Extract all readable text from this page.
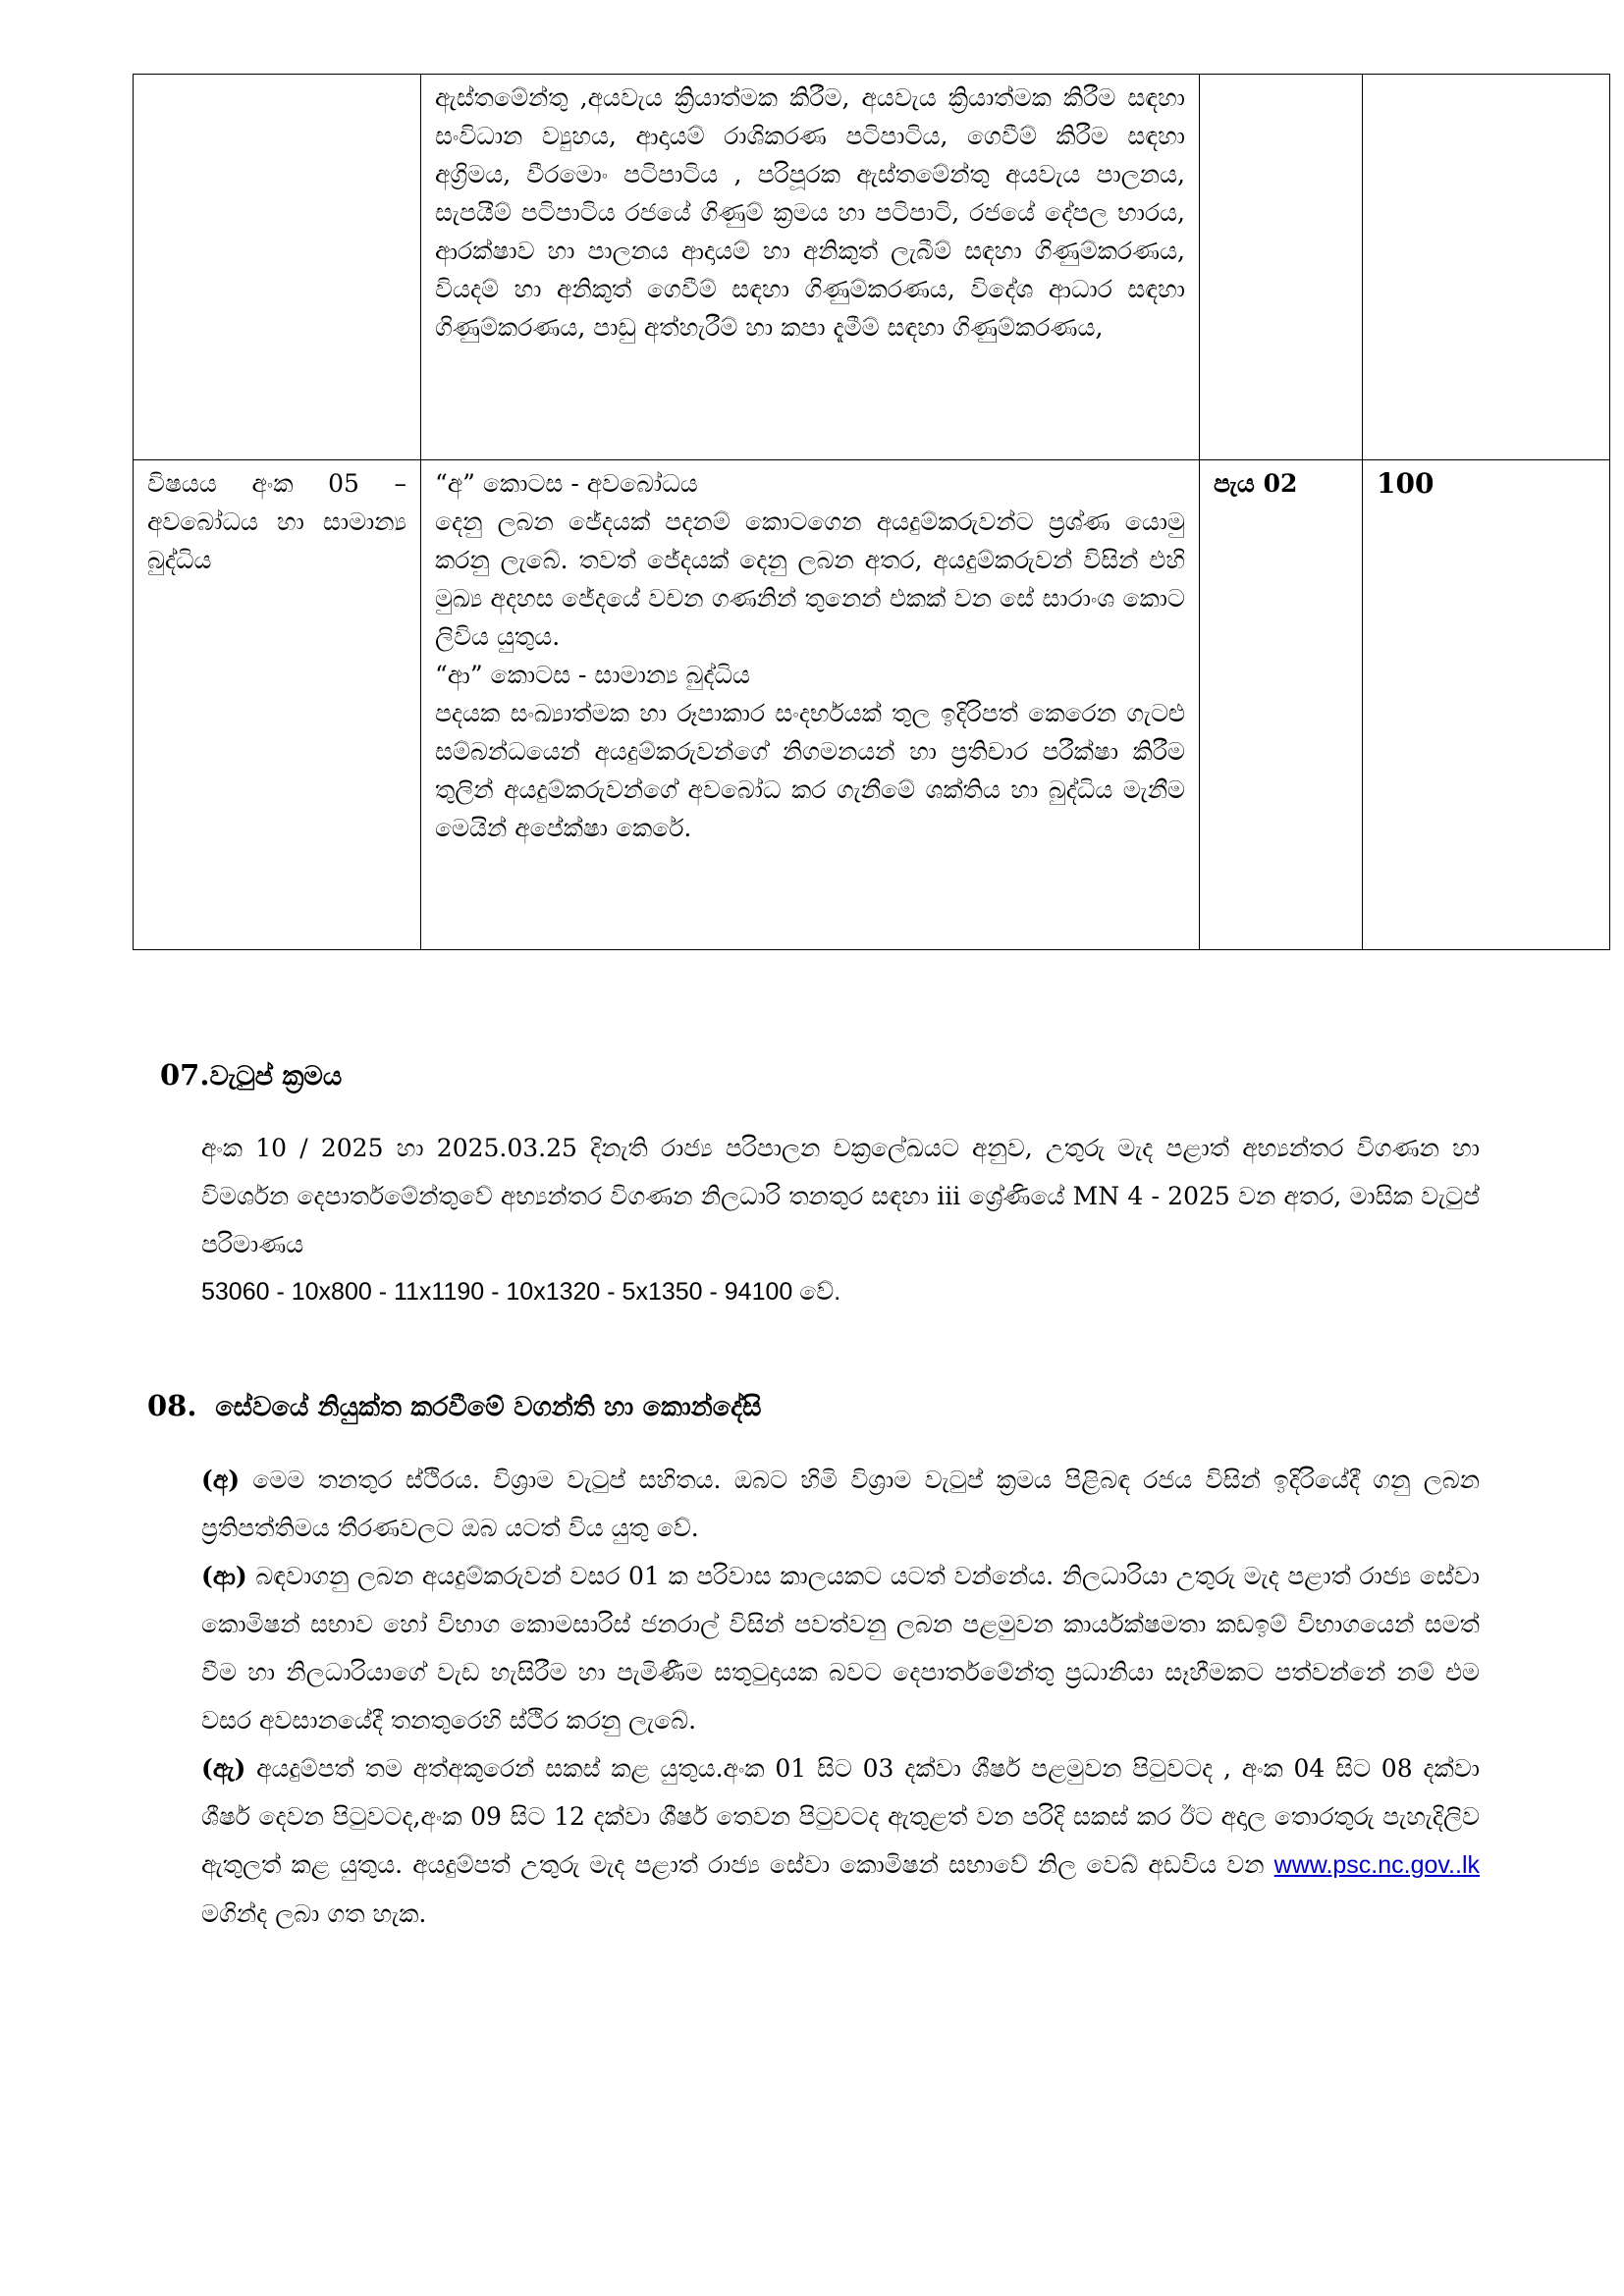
	ඇස්තමේන්තු ,අයවැය ක්‍රියාත්මක කිරීම, අයවැය ක්‍රියාත්මක කිරීම සඳහා සංවිධාන ව්‍යුහය, ආදායම් රාශිකරණ පටිපාටිය, ගෙවීම් කිරීම සඳහා අග්‍රිමය, වීරමොං පටිපාටිය , පරිපූරක ඇස්තමේන්තු අයවැය පාලනය, සැපයීම් පටිපාටිය රජයේ ගිණුම් ක්‍රමය හා පටිපාටි, රජයේ දේපල භාරය, ආරක්ෂාව හා පාලනය ආදායම් හා අනිකුත් ලැබීම් සඳහා ගිණුම්කරණය, වියදම් හා අනිකුත් ගෙවීම් සඳහා ගිණුම්කරණය, විදේශ ආධාර සඳහා ගිණුම්කරණය, පාඩු අත්හැරීම් හා කපා දැමීම් සඳහා ගිණුම්කරණය,		
විෂයය අංක 05 – අවබෝධය හා සාමාන්‍ය බුද්ධිය	“අ” කොටස - අවබෝධය
දෙනු ලබන ජේදයක් පදනම් කොටගෙන අයදුම්කරුවන්ට ප්‍රශ්ණ යොමු කරනු ලැබේ. තවත් ජේදයක් දෙනු ලබන අතර, අයදුම්කරුවන් විසින් එහි මුඛ්‍ය අදහස ජේදයේ වචන ගණනින් තුනෙන් එකක් වන සේ සාරාංශ කොට ලිවිය යුතුය.
“ආ” කොටස - සාමාන්‍ය බුද්ධිය
පදයක සංඛ්‍යාත්මක හා රූපාකාර සංදර්භයක් තුල ඉදිරිපත් කෙරෙන ගැටළු සම්බන්ධයෙන් අයදුම්කරුවන්ගේ නිගමනයන් හා ප්‍රතිචාර පරීක්ෂා කිරීම තුලින් අයදුම්කරුවන්ගේ අවබෝධ කර ගැනීමේ ශක්තිය හා බුද්ධිය මැනීම මෙයින් අපේක්ෂා කෙරේ.	පැය 02	100
07.වැටුප් ක්‍රමය
අංක 10 / 2025 හා 2025.03.25 දිනැති රාජ්‍ය පරිපාලන චක්‍රලේඛයට අනුව, උතුරු මැද පළාත් අභ්‍යන්තර විගණන හා විමර්ශන දෙපාර්තමේන්තුවේ අභ්‍යන්තර විගණන නිලධාරි තනතුර සඳහා iii ශ්‍රේණියේ MN 4 - 2025 වන අතර, මාසික වැටුප් පරිමාණය
53060 - 10x800 - 11x1190 - 10x1320 - 5x1350 - 94100 වේ.
08. සේවයේ නියුක්ත කරවීමේ වගන්ති හා කොන්දේසි
(අ) මෙම තනතුර ස්ථිරය. විශ්‍රාම වැටුප් සහිතය. ඔබට හිමි විශ්‍රාම වැටුප් ක්‍රමය පිළිබඳ රජය විසින් ඉදිරියේදී ගනු ලබන ප්‍රතිපත්තිමය තීරණවලට ඔබ යටත් විය යුතු වේ.
(ආ) බඳවාගනු ලබන අයදුම්කරුවන් වසර 01 ක පරිවාස කාලයකට යටත් වන්නේය. නිලධාරියා උතුරු මැද පළාත් රාජ්‍ය සේවා කොමිෂන් සභාව හෝ විභාග කොමසාරිස් ජනරාල් විසින් පවත්වනු ලබන පළමුවන කාර්යක්ෂමතා කඩඉම් විභාගයෙන් සමත් වීම හා නිලධාරියාගේ වැඩ හැසිරීම හා පැමිණීම සතුටුදායක බවට දෙපාර්තමේන්තු ප්‍රධානියා සෑහීමකට පත්වන්නේ නම් එම වසර අවසානයේදී තනතුරෙහි ස්ථිර කරනු ලැබේ.
(ඇ) අයදුම්පත් තම අත්අකුරෙන් සකස් කළ යුතුය.අංක 01 සිට 03 දක්වා ශීර්ෂ පළමුවන පිටුවටද , අංක 04 සිට 08 දක්වා ශීර්ෂ දෙවන පිටුවටද,අංක 09 සිට 12 දක්වා ශීර්ෂ තෙවන පිටුවටද ඇතුළත් වන පරිදි සකස් කර ඊට අදාල තොරතුරු පැහැදිලිව ඇතුලත් කළ යුතුය. අයදුම්පත් උතුරු මැද පළාත් රාජ්‍ය සේවා කොමිෂන් සභාවේ නිල වෙබ් අඩවිය වන www.psc.nc.gov..lk මගින්ද ලබා ගත හැක.
